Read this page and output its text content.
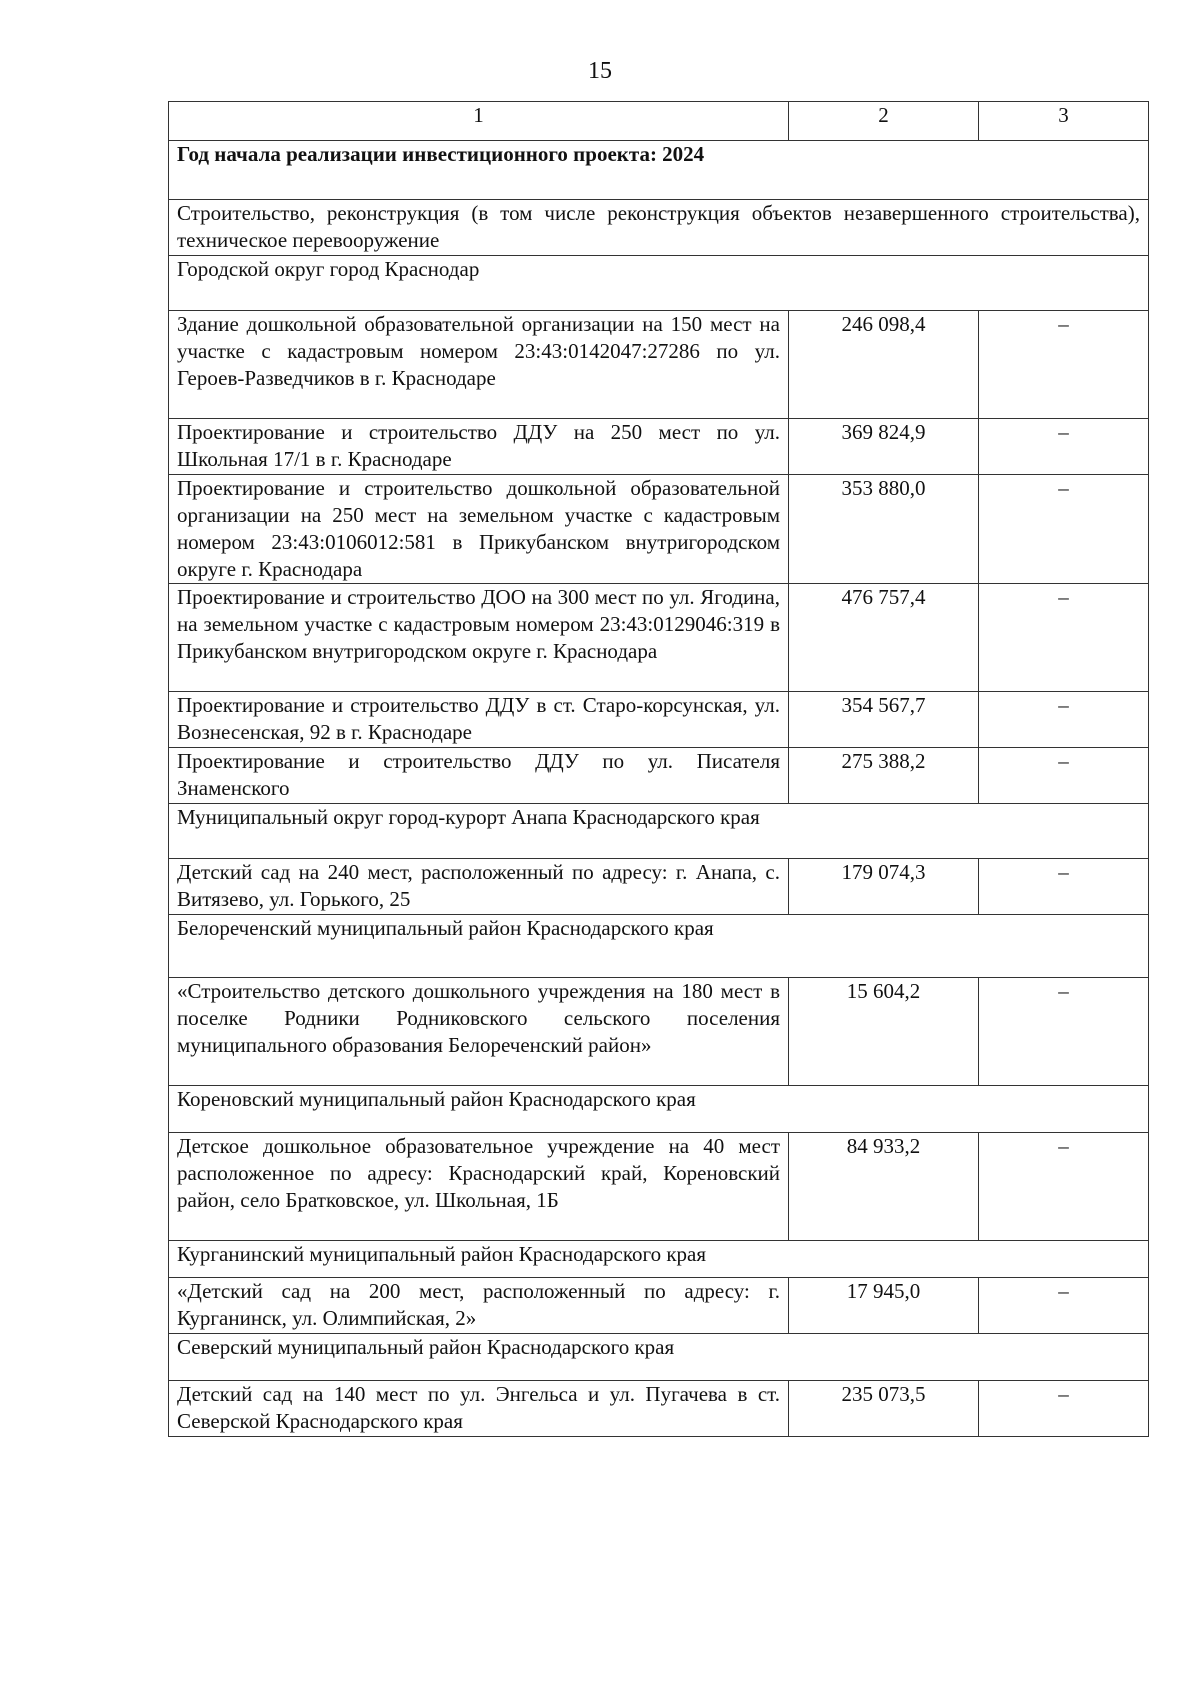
15
1	2	3
Год начала реализации инвестиционного проекта: 2024		
Строительство, реконструкция (в том числе реконструкция объектов незавершенного строительства), техническое перевооружение		
Городской округ город Краснодар		
Здание дошкольной образовательной организации на 150 мест на участке с кадастровым номером 23:43:0142047:27286 по ул. Героев-Разведчиков в г. Краснодаре	246 098,4	–
Проектирование и строительство ДДУ на 250 мест по ул. Школьная 17/1 в г. Краснодаре	369 824,9	–
Проектирование и строительство дошкольной образовательной организации на 250 мест на земельном участке с кадастровым номером 23:43:0106012:581 в Прикубанском внутригородском округе г. Краснодара	353 880,0	–
Проектирование и строительство ДОО на 300 мест по ул. Ягодина, на земельном участке с кадастровым номером 23:43:0129046:319 в Прикубанском внутригородском округе г. Краснодара	476 757,4	–
Проектирование и строительство ДДУ в ст. Старо-корсунская, ул. Вознесенская, 92 в г. Краснодаре	354 567,7	–
Проектирование и строительство ДДУ по ул. Писателя Знаменского	275 388,2	–
Муниципальный округ город-курорт Анапа Краснодарского края		
Детский сад на 240 мест, расположенный по адресу: г. Анапа, с. Витязево, ул. Горького, 25	179 074,3	–
Белореченский муниципальный район Краснодарского края		
«Строительство детского дошкольного учреждения на 180 мест в поселке Родники Родниковского сельского поселения муниципального образования Белореченский район»	15 604,2	–
Кореновский муниципальный район Краснодарского края		
Детское дошкольное образовательное учреждение на 40 мест расположенное по адресу: Краснодарский край, Кореновский район, село Братковское, ул. Школьная, 1Б	84 933,2	–
Курганинский муниципальный район Краснодарского края		
«Детский сад на 200 мест, расположенный по адресу: г. Курганинск, ул. Олимпийская, 2»	17 945,0	–
Северский муниципальный район Краснодарского края		
Детский сад на 140 мест по ул. Энгельса и ул. Пугачева в ст. Северской Краснодарского края	235 073,5	–
